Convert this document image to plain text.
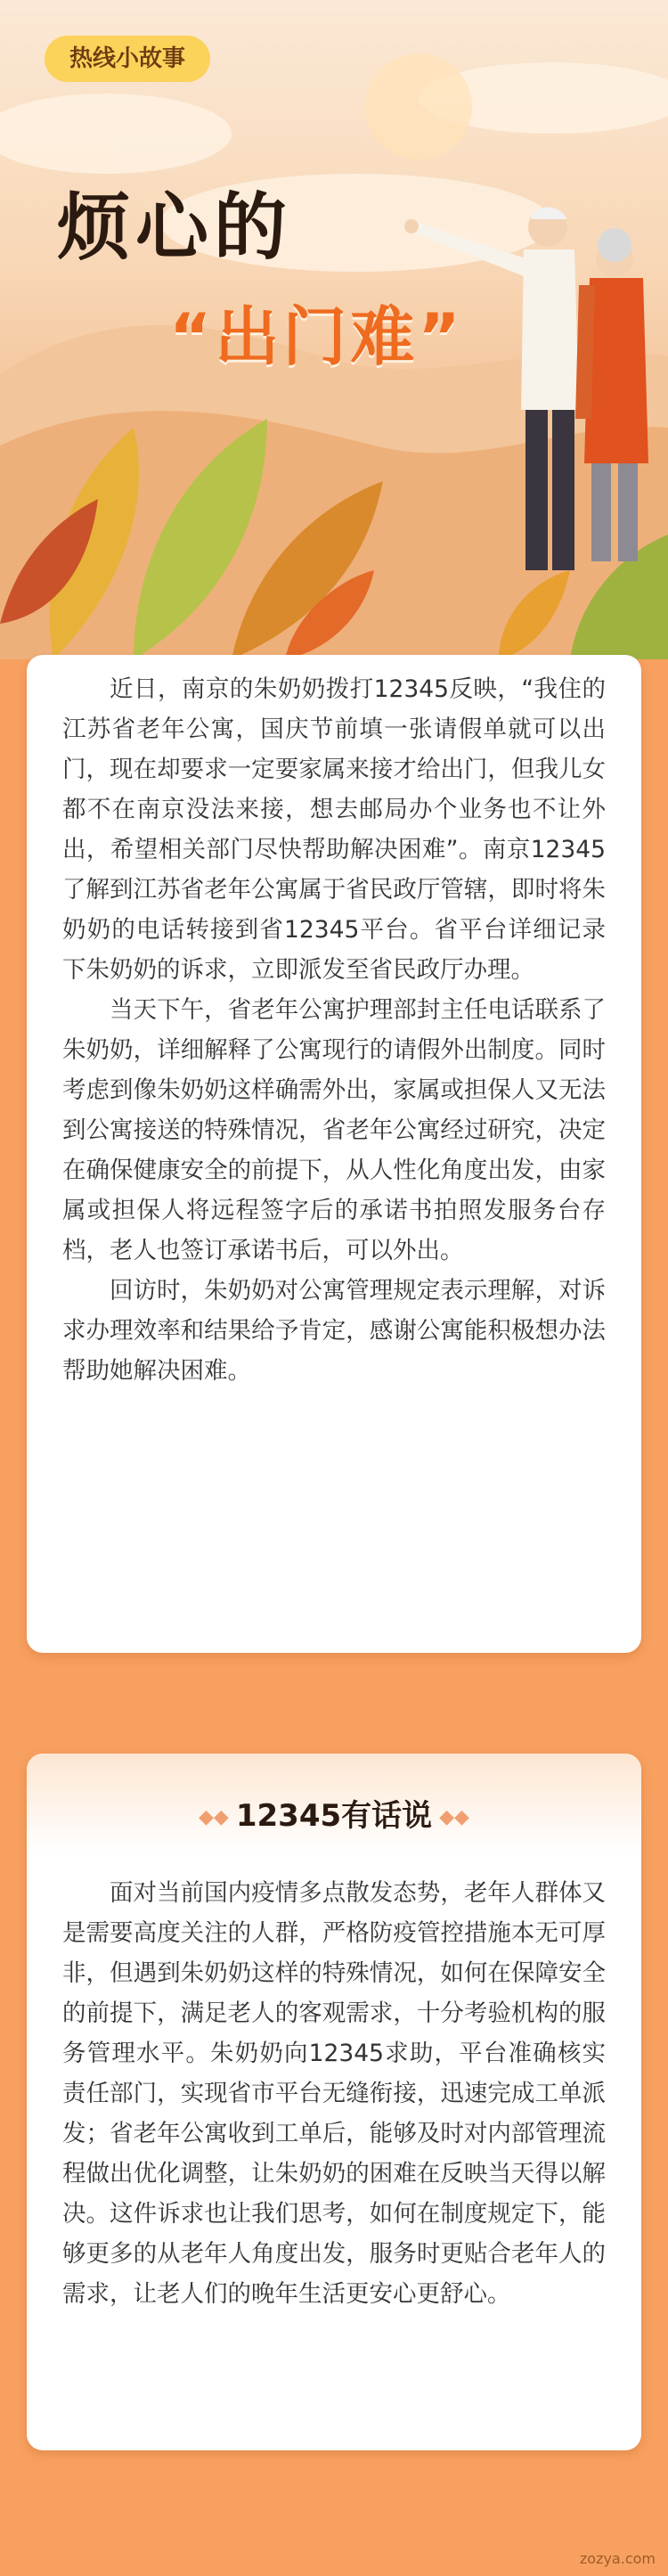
热线小故事
烦心的
“出门难”

近日，南京的朱奶奶拨打12345反映，“我住的江苏省老年公寓，国庆节前填一张请假单就可以出门，现在却要求一定要家属来接才给出门，但我儿女都不在南京没法来接，想去邮局办个业务也不让外出，希望相关部门尽快帮助解决困难”。南京12345了解到江苏省老年公寓属于省民政厅管辖，即时将朱奶奶的电话转接到省12345平台。省平台详细记录下朱奶奶的诉求，立即派发至省民政厅办理。

当天下午，省老年公寓护理部封主任电话联系了朱奶奶，详细解释了公寓现行的请假外出制度。同时考虑到像朱奶奶这样确需外出，家属或担保人又无法到公寓接送的特殊情况，省老年公寓经过研究，决定在确保健康安全的前提下，从人性化角度出发，由家属或担保人将远程签字后的承诺书拍照发服务台存档，老人也签订承诺书后，可以外出。

回访时，朱奶奶对公寓管理规定表示理解，对诉求办理效率和结果给予肯定，感谢公寓能积极想办法帮助她解决困难。

◆◆ 12345有话说 ◆◆

面对当前国内疫情多点散发态势，老年人群体又是需要高度关注的人群，严格防疫管控措施本无可厚非，但遇到朱奶奶这样的特殊情况，如何在保障安全的前提下，满足老人的客观需求，十分考验机构的服务管理水平。朱奶奶向12345求助，平台准确核实责任部门，实现省市平台无缝衔接，迅速完成工单派发；省老年公寓收到工单后，能够及时对内部管理流程做出优化调整，让朱奶奶的困难在反映当天得以解决。这件诉求也让我们思考，如何在制度规定下，能够更多的从老年人角度出发，服务时更贴合老年人的需求，让老人们的晚年生活更安心更舒心。

zozya.com
